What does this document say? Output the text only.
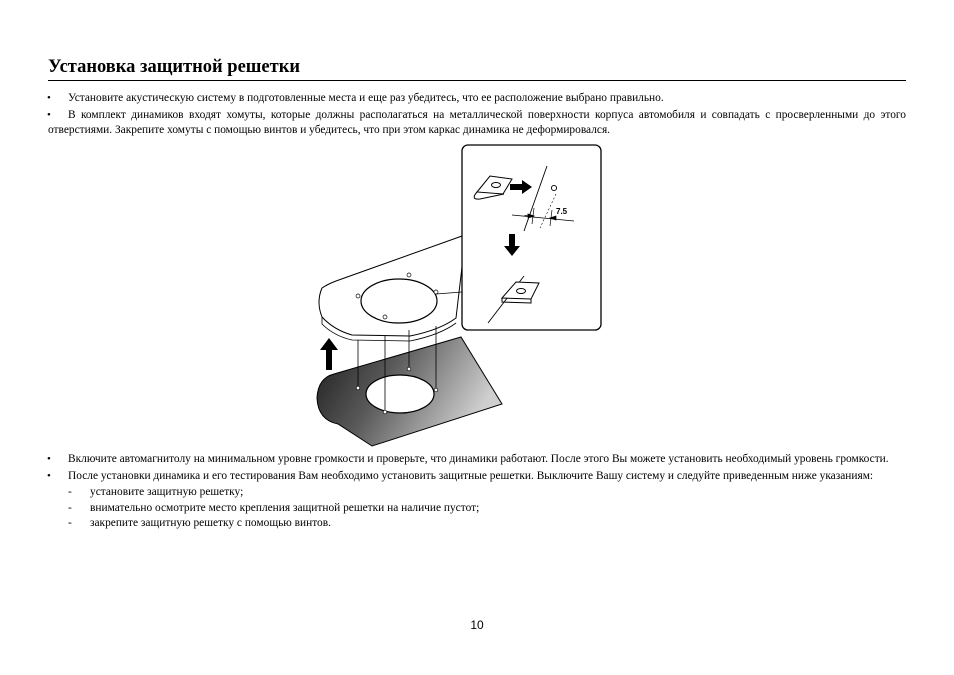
Установка защитной решетки
• Установите акустическую систему в подготовленные места и еще раз убедитесь, что ее расположение выбрано правильно.
• В комплект динамиков входят хомуты, которые должны располагаться на металлической поверхности корпуса автомобиля и совпадать с просверленными до этого отверстиями. Закрепите хомуты с помощью винтов и убедитесь, что при этом каркас динамика не деформировался.
7.5
• Включите автомагнитолу на минимальном уровне громкости и проверьте, что динамики работают. После этого Вы можете установить необходимый уровень громкости.
• После установки динамика и его тестирования Вам необходимо установить защитные решетки. Выключите Вашу систему и следуйте приведенным ниже указаниям:
- установите защитную решетку;
- внимательно осмотрите место крепления защитной решетки на наличие пустот;
- закрепите защитную решетку с помощью винтов.
10
